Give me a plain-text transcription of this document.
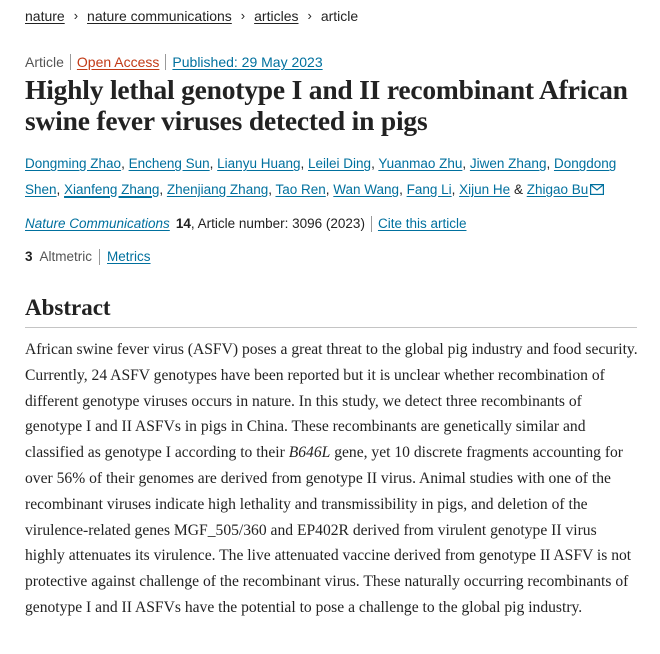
nature › nature communications › articles › article
Article Open Access Published: 29 May 2023
Highly lethal genotype I and II recombinant African swine fever viruses detected in pigs
Dongming Zhao, Encheng Sun, Lianyu Huang, Leilei Ding, Yuanmao Zhu, Jiwen Zhang, Dongdong Shen, Xianfeng Zhang, Zhenjiang Zhang, Tao Ren, Wan Wang, Fang Li, Xijun He & Zhigao Bu
Nature Communications 14 , Article number: 3096 (2023) Cite this article
3 Altmetric Metrics
Abstract

African swine fever virus (ASFV) poses a great threat to the global pig industry and food security. Currently, 24 ASFV genotypes have been reported but it is unclear whether recombination of different genotype viruses occurs in nature. In this study, we detect three recombinants of genotype I and II ASFVs in pigs in China. These recombinants are genetically similar and classified as genotype I according to their B646L gene, yet 10 discrete fragments accounting for over 56% of their genomes are derived from genotype II virus. Animal studies with one of the recombinant viruses indicate high lethality and transmissibility in pigs, and deletion of the virulence-related genes MGF_505/360 and EP402R derived from virulent genotype II virus highly attenuates its virulence. The live attenuated vaccine derived from genotype II ASFV is not protective against challenge of the recombinant virus. These naturally occurring recombinants of genotype I and II ASFVs have the potential to pose a challenge to the global pig industry.
